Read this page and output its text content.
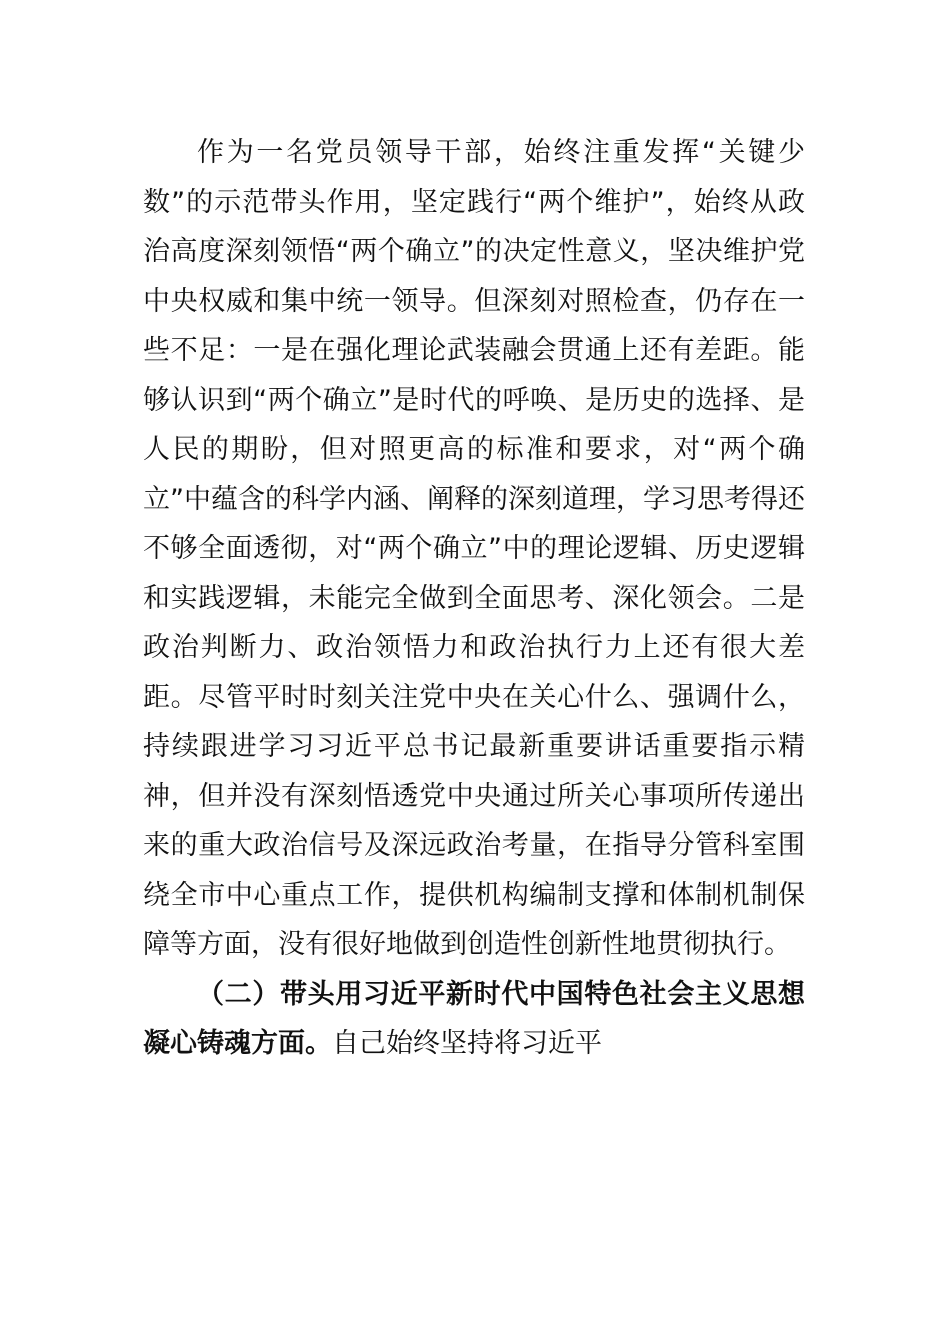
作为一名党员领导干部，始终注重发挥“关键少数”的示范带头作用，坚定践行“两个维护”，始终从政治高度深刻领悟“两个确立”的决定性意义，坚决维护党中央权威和集中统一领导。但深刻对照检查，仍存在一些不足：一是在强化理论武装融会贯通上还有差距。能够认识到“两个确立”是时代的呼唤、是历史的选择、是人民的期盼，但对照更高的标准和要求，对“两个确立”中蕴含的科学内涵、阐释的深刻道理，学习思考得还不够全面透彻，对“两个确立”中的理论逻辑、历史逻辑和实践逻辑，未能完全做到全面思考、深化领会。二是政治判断力、政治领悟力和政治执行力上还有很大差距。尽管平时时刻关注党中央在关心什么、强调什么，持续跟进学习习近平总书记最新重要讲话重要指示精神，但并没有深刻悟透党中央通过所关心事项所传递出来的重大政治信号及深远政治考量，在指导分管科室围绕全市中心重点工作，提供机构编制支撑和体制机制保障等方面，没有很好地做到创造性创新性地贯彻执行。

（二）带头用习近平新时代中国特色社会主义思想凝心铸魂方面。自己始终坚持将习近平
